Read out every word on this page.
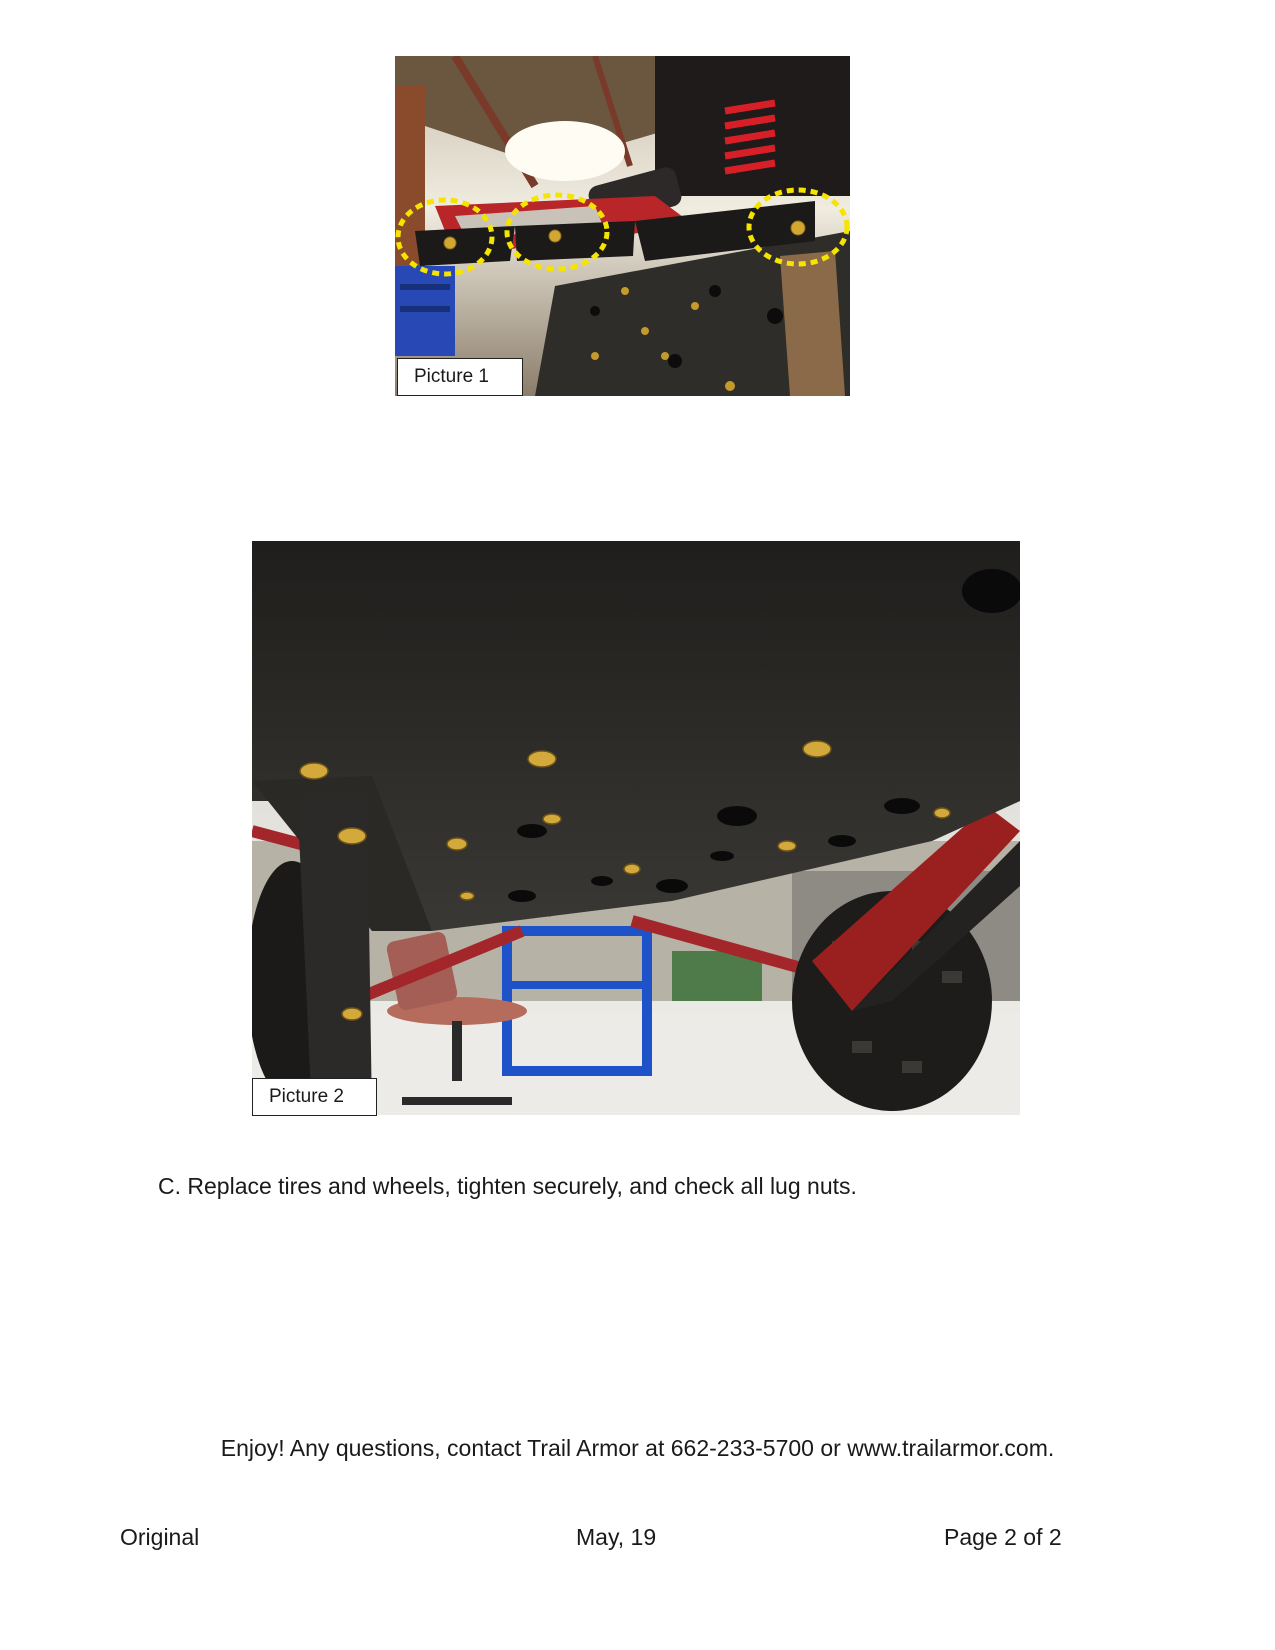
Picture 1
Picture 2
C. Replace tires and wheels, tighten securely, and check all lug nuts.
Enjoy! Any questions, contact Trail Armor at 662-233-5700 or www.trailarmor.com.
Original	May, 19	Page 2 of 2
